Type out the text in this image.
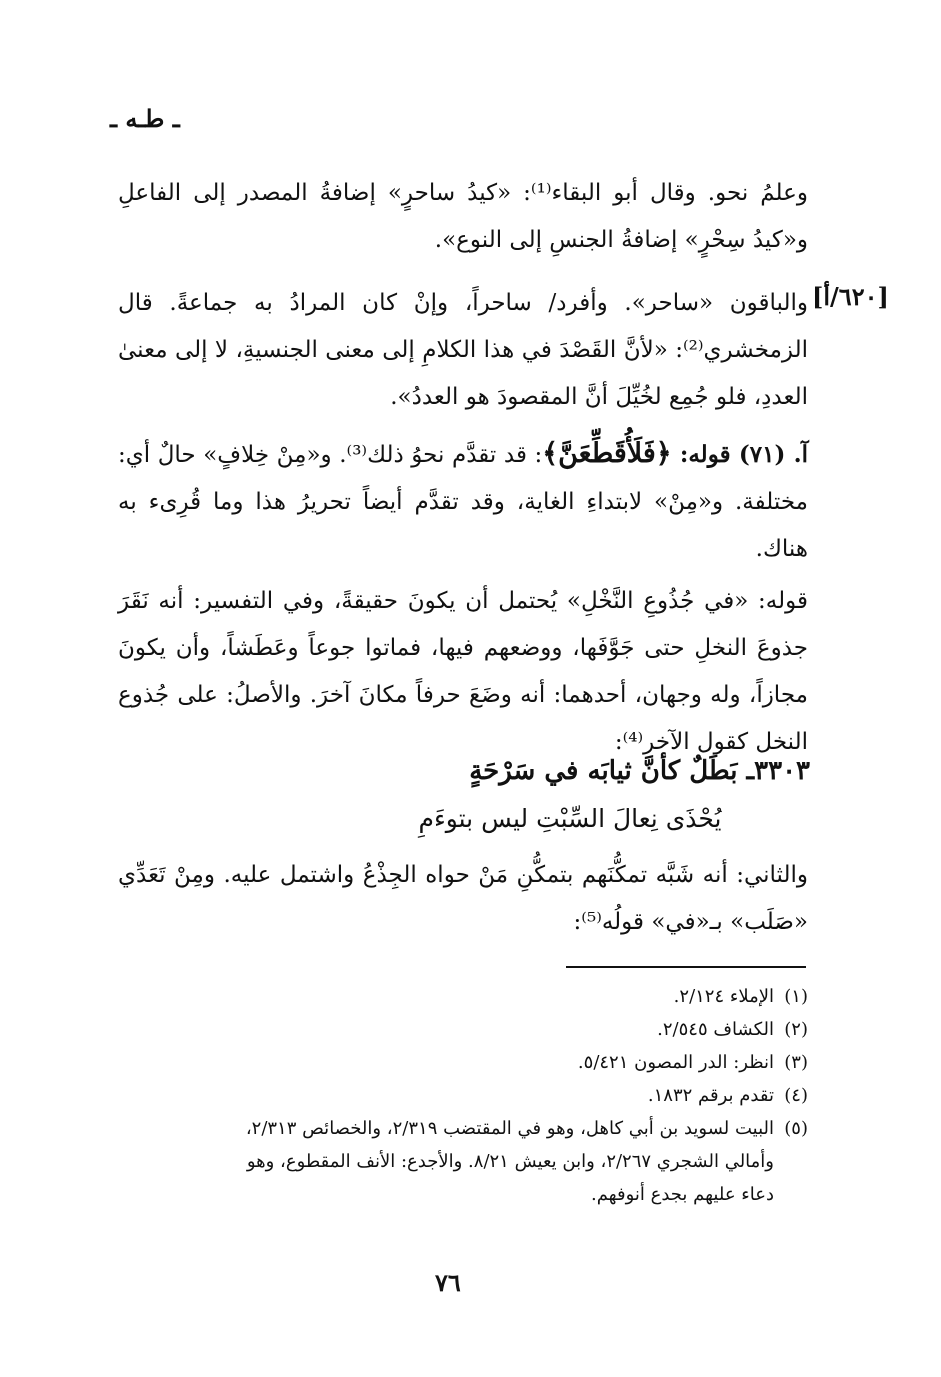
ـ طـه ـ
[٦٢٠/أ]

وعلمُ نحو. وقال أبو البقاء⁽¹⁾: «كيدُ ساحرٍ» إضافةُ المصدر إلى الفاعلِ و«كيدُ سِحْرٍ» إضافةُ الجنسِ إلى النوع».

والباقون «ساحر». وأفرد/ ساحراً، وإنْ كان المرادُ به جماعةً. قال الزمخشري⁽²⁾: «لأنَّ القَصْدَ في هذا الكلامِ إلى معنى الجنسيةِ، لا إلى معنىٰ العددِ، فلو جُمِع لخُيِّلَ أنَّ المقصودَ هو العددُ».

آ. (٧١) قوله: ﴿فَلَأُقَطِّعَنَّ﴾: قد تقدَّم نحوُ ذلك⁽³⁾. و«مِنْ خِلافٍ» حالٌ أي: مختلفة. و«مِنْ» لابتداءِ الغاية، وقد تقدَّم أيضاً تحريرُ هذا وما قُرِىء به هناك.

قوله: «في جُذُوعِ النَّخْلِ» يُحتمل أن يكونَ حقيقةً، وفي التفسير: أنه نَقَرَ جذوعَ النخلِ حتى جَوَّفَها، ووضعهم فيها، فماتوا جوعاً وعَطَشاً، وأن يكونَ مجازاً، وله وجهان، أحدهما: أنه وضَعَ حرفاً مكانَ آخرَ. والأصلُ: على جُذوع النخل كقول الآخر⁽⁴⁾:

٣٣٠٣ـ بَطَلٌ كأنَّ ثيابَه في سَرْحَةٍ
يُحْذَى نِعالَ السِّبْتِ ليس بتوءَمِ

والثاني: أنه شَبَّه تمكُّنَهم بتمكُّنِ مَنْ حواه الجِذْعُ واشتمل عليه. ومِنْ تَعَدِّي «صَلَب» بـ«في» قولُه⁽⁵⁾:

(١)الإملاء ٢/١٢٤.

(٢)الكشاف ٢/٥٤٥.

(٣)انظر: الدر المصون ٥/٤٢١.

(٤)تقدم برقم ١٨٣٢.

(٥)البيت لسويد بن أبي كاهل، وهو في المقتضب ٢/٣١٩، والخصائص ٢/٣١٣،

وأمالي الشجري ٢/٢٦٧، وابن يعيش ٨/٢١. والأجدع: الأنف المقطوع، وهو

دعاء عليهم بجدع أنوفهم.

٧٦
